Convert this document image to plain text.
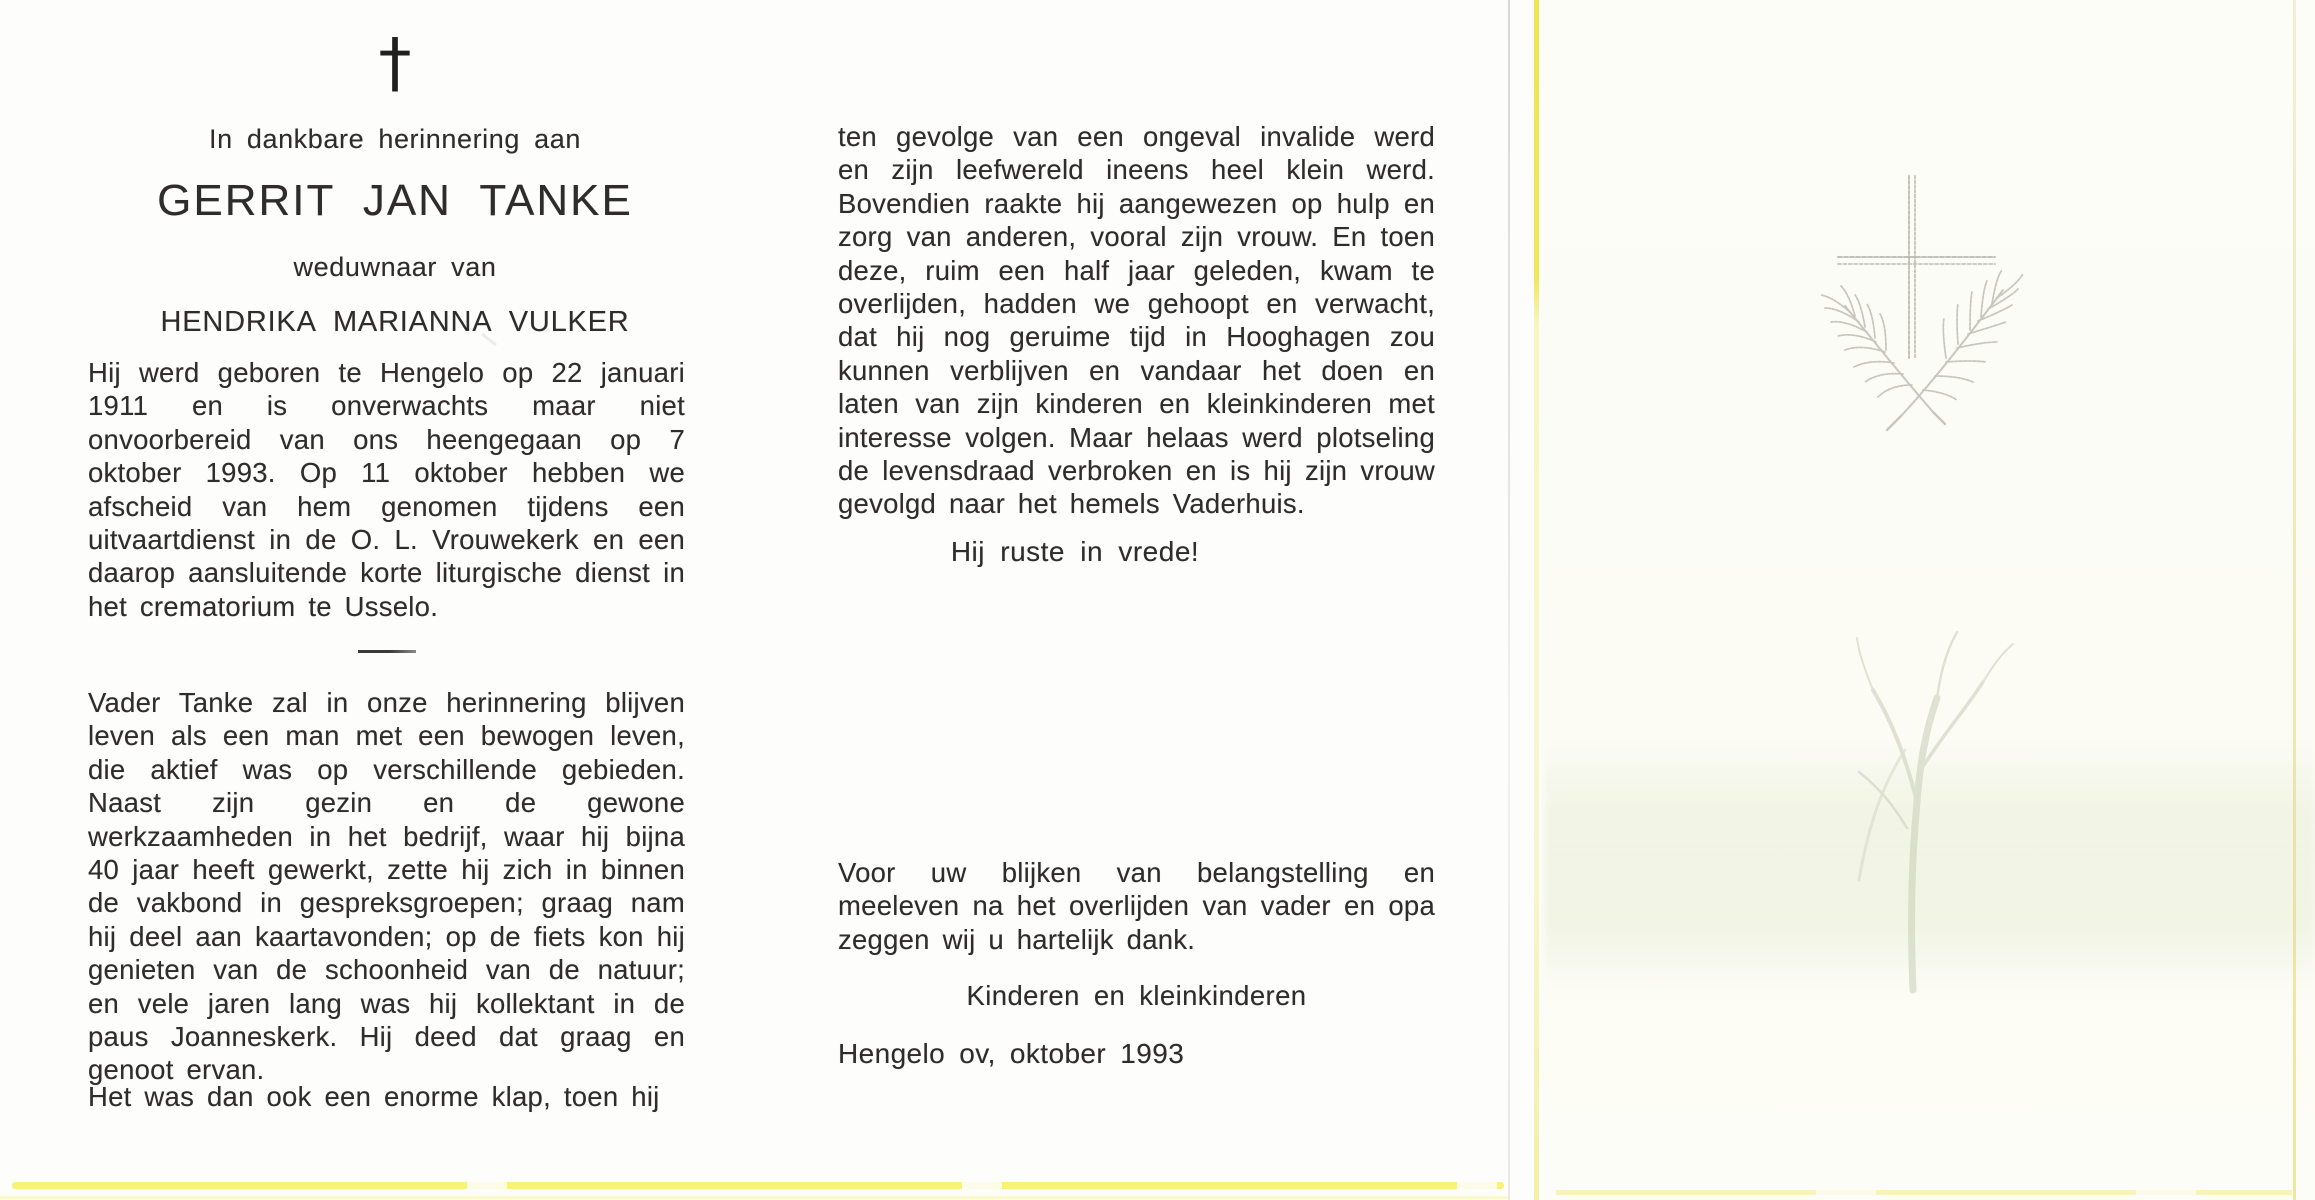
†
In dankbare herinnering aan
GERRIT JAN TANKE
weduwnaar van
HENDRIKA MARIANNA VULKER

Hij werd geboren te Hengelo op 22 januari 1911 en is onverwachts maar niet onvoorbereid van ons heengegaan op 7 oktober 1993. Op 11 oktober hebben we afscheid van hem genomen tijdens een uitvaartdienst in de O. L. Vrouwekerk en een daarop aansluitende korte liturgische dienst in het crematorium te Usselo.

Vader Tanke zal in onze herinnering blijven leven als een man met een bewogen leven, die aktief was op verschillende gebieden. Naast zijn gezin en de gewone werkzaamheden in het bedrijf, waar hij bijna 40 jaar heeft gewerkt, zette hij zich in binnen de vakbond in gespreksgroepen; graag nam hij deel aan kaartavonden; op de fiets kon hij genieten van de schoonheid van de natuur; en vele jaren lang was hij kollektant in de paus Joanneskerk. Hij deed dat graag en genoot ervan.

Het was dan ook een enorme klap, toen hij

ten gevolge van een ongeval invalide werd en zijn leefwereld ineens heel klein werd. Bovendien raakte hij aangewezen op hulp en zorg van anderen, vooral zijn vrouw. En toen deze, ruim een half jaar geleden, kwam te overlijden, hadden we gehoopt en verwacht, dat hij nog geruime tijd in Hooghagen zou kunnen verblijven en vandaar het doen en laten van zijn kinderen en kleinkinderen met interesse volgen. Maar helaas werd plotseling de levensdraad verbroken en is hij zijn vrouw gevolgd naar het hemels Vaderhuis.

Hij ruste in vrede!

Voor uw blijken van belangstelling en meeleven na het overlijden van vader en opa zeggen wij u hartelijk dank.

Kinderen en kleinkinderen
Hengelo ov, oktober 1993
